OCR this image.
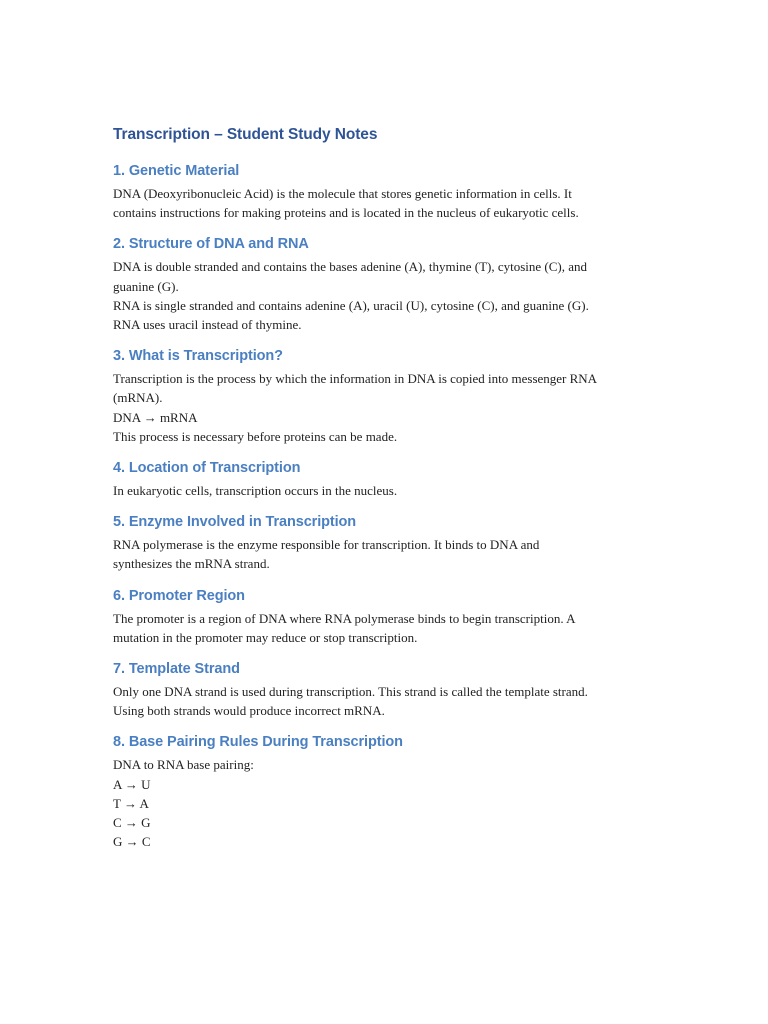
Transcription – Student Study Notes
1. Genetic Material

DNA (Deoxyribonucleic Acid) is the molecule that stores genetic information in cells. It

contains instructions for making proteins and is located in the nucleus of eukaryotic cells.

2. Structure of DNA and RNA

DNA is double stranded and contains the bases adenine (A), thymine (T), cytosine (C), and

guanine (G).

RNA is single stranded and contains adenine (A), uracil (U), cytosine (C), and guanine (G).

RNA uses uracil instead of thymine.

3. What is Transcription?

Transcription is the process by which the information in DNA is copied into messenger RNA

(mRNA).

DNA → mRNA

This process is necessary before proteins can be made.

4. Location of Transcription

In eukaryotic cells, transcription occurs in the nucleus.

5. Enzyme Involved in Transcription

RNA polymerase is the enzyme responsible for transcription. It binds to DNA and

synthesizes the mRNA strand.

6. Promoter Region

The promoter is a region of DNA where RNA polymerase binds to begin transcription. A

mutation in the promoter may reduce or stop transcription.

7. Template Strand

Only one DNA strand is used during transcription. This strand is called the template strand.

Using both strands would produce incorrect mRNA.

8. Base Pairing Rules During Transcription

DNA to RNA base pairing:

A → U

T → A

C → G

G → C
